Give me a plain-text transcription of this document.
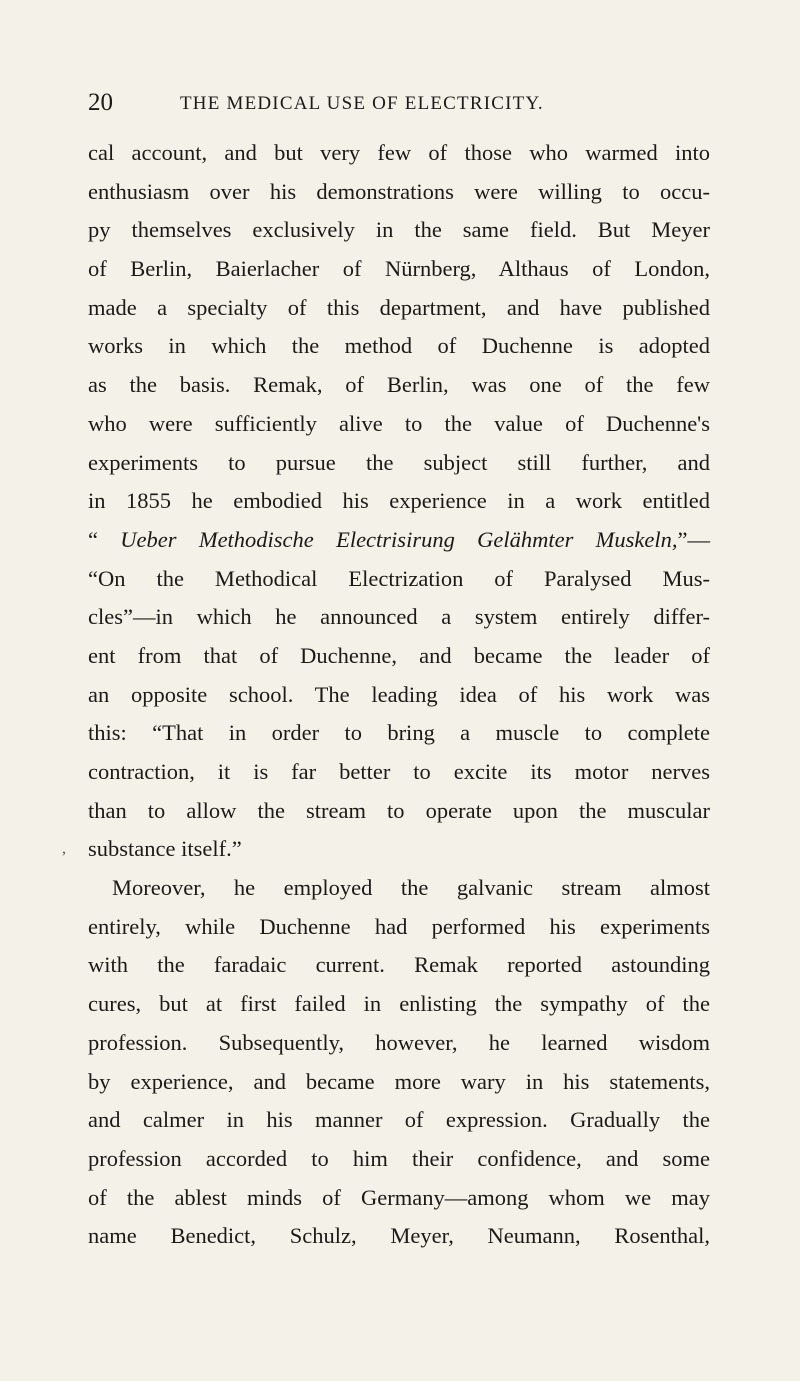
20	THE MEDICAL USE OF ELECTRICITY.
cal account, and but very few of those who warmed into
enthusiasm over his demonstrations were willing to occu-
py themselves exclusively in the same field. But Meyer
of Berlin, Baierlacher of Nürnberg, Althaus of London,
made a specialty of this department, and have published
works in which the method of Duchenne is adopted
as the basis. Remak, of Berlin, was one of the few
who were sufficiently alive to the value of Duchenne's
experiments to pursue the subject still further, and
in 1855 he embodied his experience in a work entitled
“ Ueber Methodische Electrisirung Gelähmter Muskeln,”—
“On the Methodical Electrization of Paralysed Mus-
cles”—in which he announced a system entirely differ-
ent from that of Duchenne, and became the leader of
an opposite school. The leading idea of his work was
this: “That in order to bring a muscle to complete
contraction, it is far better to excite its motor nerves
than to allow the stream to operate upon the muscular
, substance itself.”
Moreover, he employed the galvanic stream almost
entirely, while Duchenne had performed his experiments
with the faradaic current. Remak reported astounding
cures, but at first failed in enlisting the sympathy of the
profession. Subsequently, however, he learned wisdom
by experience, and became more wary in his statements,
and calmer in his manner of expression. Gradually the
profession accorded to him their confidence, and some
of the ablest minds of Germany—among whom we may
name Benedict, Schulz, Meyer, Neumann, Rosenthal,
